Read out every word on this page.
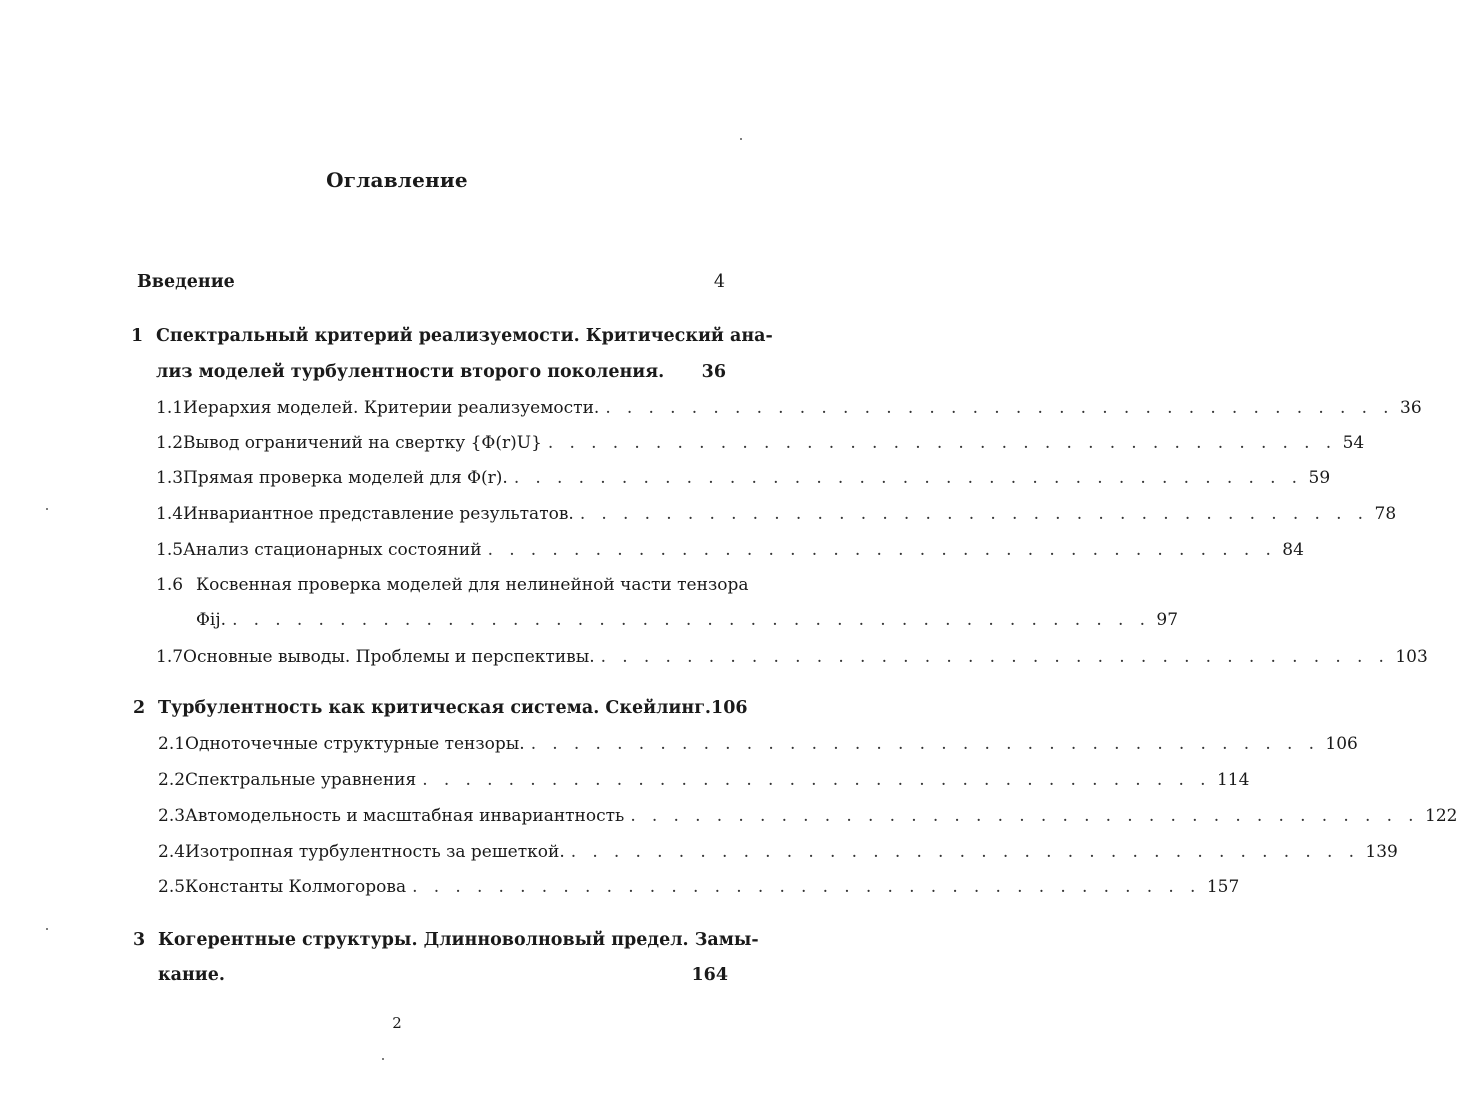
Оглавление
Введение	4
1 Спектральный критерий реализуемости. Критический ана-
лиз моделей турбулентности второго поколения. 36
1.1 Иерархия моделей. Критерии реализуемости. . . . . . . . . . . . . . . . . . . . . . . . . . . . . . . . . . . . . . 36
1.2 Вывод ограничений на свертку {Φ(r)U} . . . . . . . . . . . . . . . . . . . . . . . . . . . . . . . . . . . . . 54
1.3 Прямая проверка моделей для Φ(r). . . . . . . . . . . . . . . . . . . . . . . . . . . . . . . . . . . . . . 59
1.4 Инвариантное представление результатов. . . . . . . . . . . . . . . . . . . . . . . . . . . . . . . . . . . . . . 78
1.5 Анализ стационарных состояний . . . . . . . . . . . . . . . . . . . . . . . . . . . . . . . . . . . . . 84
1.6 Косвенная проверка моделей для нелинейной части тензора
Φij. . . . . . . . . . . . . . . . . . . . . . . . . . . . . . . . . . . . . . . . . . . . 97
1.7 Основные выводы. Проблемы и перспективы. . . . . . . . . . . . . . . . . . . . . . . . . . . . . . . . . . . . . . 103
2 Турбулентность как критическая система. Скейлинг. 106
2.1 Одноточечные структурные тензоры. . . . . . . . . . . . . . . . . . . . . . . . . . . . . . . . . . . . . . 106
2.2 Спектральные уравнения . . . . . . . . . . . . . . . . . . . . . . . . . . . . . . . . . . . . . 114
2.3 Автомодельность и масштабная инвариантность . . . . . . . . . . . . . . . . . . . . . . . . . . . . . . . . . . . . . 122
2.4 Изотропная турбулентность за решеткой. . . . . . . . . . . . . . . . . . . . . . . . . . . . . . . . . . . . . . 139
2.5 Константы Колмогорова . . . . . . . . . . . . . . . . . . . . . . . . . . . . . . . . . . . . . 157
3 Когерентные структуры. Длинноволновый предел. Замы-
кание.	164
2
